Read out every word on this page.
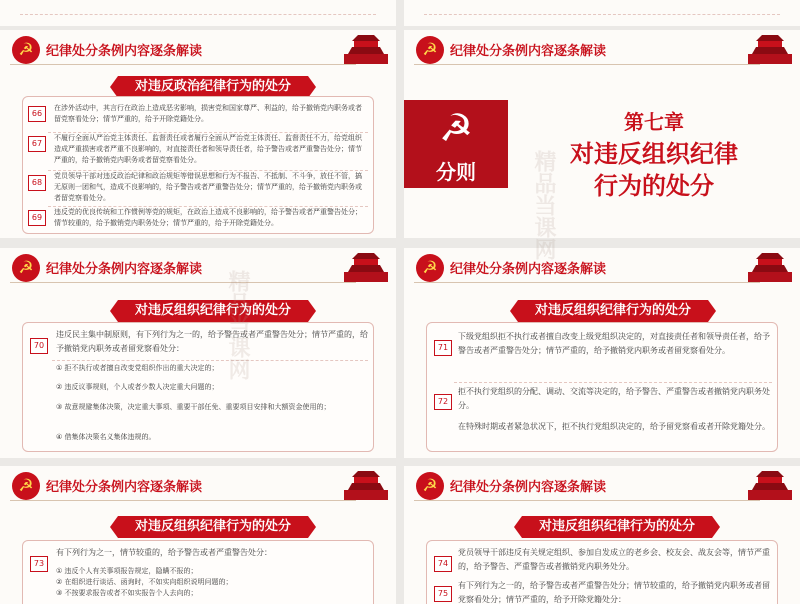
☭ 纪律处分条例内容逐条解读
对违反政治纪律行为的处分
66
在涉外活动中，其言行在政治上造成恶劣影响，损害党和国家尊严、利益的，给予撤销党内职务或者留党察看处分；情节严重的，给予开除党籍处分。
67
不履行全面从严治党主体责任、监督责任或者履行全面从严治党主体责任、监督责任不力，给党组织造成严重损害或者严重不良影响的，对直接责任者和领导责任者，给予警告或者严重警告处分；情节严重的，给予撤销党内职务或者留党察看处分。
68
党员领导干部对违反政治纪律和政治规矩等错误思想和行为不报告、不抵制、不斗争，放任不管，搞无原则一团和气，造成不良影响的，给予警告或者严重警告处分；情节严重的，给予撤销党内职务或者留党察看处分。
69
违反党的优良传统和工作惯例等党的规矩，在政治上造成不良影响的，给予警告或者严重警告处分；情节较重的，给予撤销党内职务处分；情节严重的，给予开除党籍处分。
☭ 纪律处分条例内容逐条解读
☭
分则
第七章
对违反组织纪律
行为的处分
☭ 纪律处分条例内容逐条解读
对违反组织纪律行为的处分
70
违反民主集中制原则，有下列行为之一的，给予警告或者严重警告处分；情节严重的，给予撤销党内职务或者留党察看处分：
① 拒不执行或者擅自改变党组织作出的重大决定的；
② 违反议事规则，个人或者少数人决定重大问题的；
③ 故意规避集体决策，决定重大事项、重要干部任免、重要项目安排和大额资金使用的；
④ 借集体决策名义集体违规的。
☭ 纪律处分条例内容逐条解读
对违反组织纪律行为的处分
71
下级党组织拒不执行或者擅自改变上级党组织决定的，对直接责任者和领导责任者，给予警告或者严重警告处分；情节严重的，给予撤销党内职务或者留党察看处分。
72
拒不执行党组织的分配、调动、交流等决定的，给予警告、严重警告或者撤销党内职务处分。
在特殊时期或者紧急状况下，拒不执行党组织决定的，给予留党察看或者开除党籍处分。
☭ 纪律处分条例内容逐条解读
对违反组织纪律行为的处分
73
有下列行为之一，情节较重的，给予警告或者严重警告处分：
① 违反个人有关事项报告规定，隐瞒不报的；
② 在组织进行谈话、函询时，不如实向组织说明问题的；
③ 不按要求报告或者不如实报告个人去向的；
☭ 纪律处分条例内容逐条解读
对违反组织纪律行为的处分
74
党员领导干部违反有关规定组织、参加自发成立的老乡会、校友会、战友会等，情节严重的，给予警告、严重警告或者撤销党内职务处分。
75
有下列行为之一的，给予警告或者严重警告处分；情节较重的，给予撤销党内职务或者留党察看处分；情节严重的，给予开除党籍处分：
